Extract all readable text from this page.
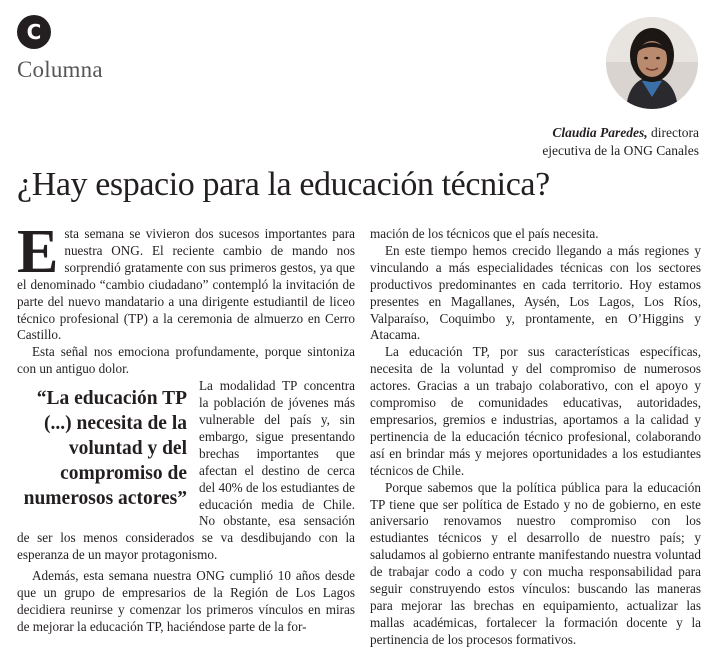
C
Columna
Claudia Paredes, directora
ejecutiva de la ONG Canales
¿Hay espacio para la educación técnica?

Esta semana se vivieron dos sucesos importantes para nuestra ONG. El reciente cambio de mando nos sorprendió gratamente con sus primeros gestos, ya que el denominado “cambio ciudadano” contempló la invitación de parte del nuevo mandatario a una dirigente estudiantil de liceo técnico profesional (TP) a la ceremonia de almuerzo en Cerro Castillo.

Esta señal nos emociona profundamente, porque sintoniza con un antiguo dolor.

“La educación TP (...) necesita de la voluntad y del compromiso de numerosos actores”

La modalidad TP concentra la población de jóvenes más vulnerable del país y, sin embargo, sigue presentando brechas importantes que afectan el destino de cerca del 40% de los estudiantes de educación media de Chile. No obstante, esa sensación de ser los menos considerados se va desdibujando con la esperanza de un mayor protagonismo.

Además, esta semana nuestra ONG cumplió 10 años desde que un grupo de empresarios de la Región de Los Lagos decidiera reunirse y comenzar los primeros vínculos en miras de mejorar la educación TP, haciéndose parte de la for-

mación de los técnicos que el país necesita.

En este tiempo hemos crecido llegando a más regiones y vinculando a más especialidades técnicas con los sectores productivos predominantes en cada territorio. Hoy estamos presentes en Magallanes, Aysén, Los Lagos, Los Ríos, Valparaíso, Coquimbo y, prontamente, en O’Higgins y Atacama.

La educación TP, por sus características específicas, necesita de la voluntad y del compromiso de numerosos actores. Gracias a un trabajo colaborativo, con el apoyo y compromiso de comunidades educativas, autoridades, empresarios, gremios e industrias, aportamos a la calidad y pertinencia de la educación técnico profesional, colaborando así en brindar más y mejores oportunidades a los estudiantes técnicos de Chile.

Porque sabemos que la política pública para la educación TP tiene que ser política de Estado y no de gobierno, en este aniversario renovamos nuestro compromiso con los estudiantes técnicos y el desarrollo de nuestro país; y saludamos al gobierno entrante manifestando nuestra voluntad de trabajar codo a codo y con mucha responsabilidad para seguir construyendo estos vínculos: buscando las maneras para mejorar las brechas en equipamiento, actualizar las mallas académicas, fortalecer la formación docente y la pertinencia de los procesos formativos.
